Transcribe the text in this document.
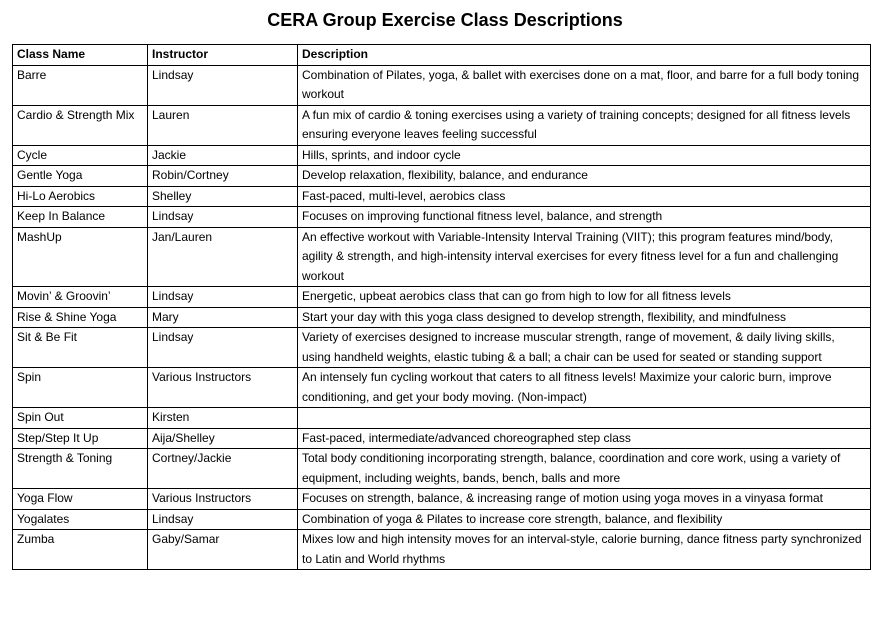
CERA Group Exercise Class Descriptions
Class Name	Instructor	Description
Barre	Lindsay	Combination of Pilates, yoga, & ballet with exercises done on a mat, floor, and barre for a full body toning workout
Cardio & Strength Mix	Lauren	A fun mix of cardio & toning exercises using a variety of training concepts; designed for all fitness levels ensuring everyone leaves feeling successful
Cycle	Jackie	Hills, sprints, and indoor cycle
Gentle Yoga	Robin/Cortney	Develop relaxation, flexibility, balance, and endurance
Hi-Lo Aerobics	Shelley	Fast-paced, multi-level, aerobics class
Keep In Balance	Lindsay	Focuses on improving functional fitness level, balance, and strength
MashUp	Jan/Lauren	An effective workout with Variable-Intensity Interval Training (VIIT); this program features mind/body, agility & strength, and high-intensity interval exercises for every fitness level for a fun and challenging workout
Movin’ & Groovin’	Lindsay	Energetic, upbeat aerobics class that can go from high to low for all fitness levels
Rise & Shine Yoga	Mary	Start your day with this yoga class designed to develop strength, flexibility, and mindfulness
Sit & Be Fit	Lindsay	Variety of exercises designed to increase muscular strength, range of movement, & daily living skills, using handheld weights, elastic tubing & a ball; a chair can be used for seated or standing support
Spin	Various Instructors	An intensely fun cycling workout that caters to all fitness levels! Maximize your caloric burn, improve conditioning, and get your body moving. (Non-impact)
Spin Out	Kirsten	
Step/Step It Up	Aija/Shelley	Fast-paced, intermediate/advanced choreographed step class
Strength & Toning	Cortney/Jackie	Total body conditioning incorporating strength, balance, coordination and core work, using a variety of equipment, including weights, bands, bench, balls and more
Yoga Flow	Various Instructors	Focuses on strength, balance, & increasing range of motion using yoga moves in a vinyasa format
Yogalates	Lindsay	Combination of yoga & Pilates to increase core strength, balance, and flexibility
Zumba	Gaby/Samar	Mixes low and high intensity moves for an interval-style, calorie burning, dance fitness party synchronized to Latin and World rhythms
